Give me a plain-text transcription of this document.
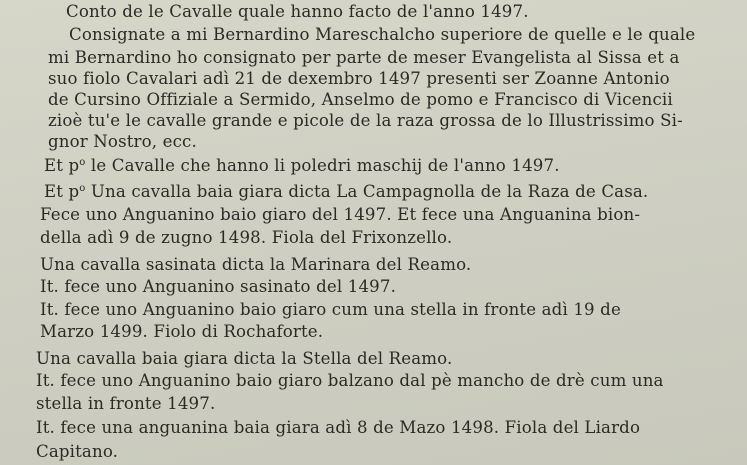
Conto de le Cavalle quale hanno facto de l'anno 1497.
Consignate a mi Bernardino Mareschalcho superiore de quelle e le quale
mi Bernardino ho consignato per parte de meser Evangelista al Sissa et a
suo fiolo Cavalari adì 21 de dexembro 1497 presenti ser Zoanne Antonio
de Cursino Offiziale a Sermido, Anselmo de pomo e Francisco di Vicencii
zioè tu'e le cavalle grande e picole de la raza grossa de lo Illustrissimo Si-
gnor Nostro, ecc.
Et $p^o$ le Cavalle che hanno li poledri maschij de l'anno 1497.
Et $p^o$ Una cavalla baia giara dicta La Campagnolla de la Raza de Casa.
Fece uno Anguanino baio giaro del 1497. Et fece una Anguanina bion-
della adì 9 de zugno 1498. Fiola del Frixonzello.
Una cavalla sasinata dicta la Marinara del Reamo.
It. fece uno Anguanino sasinato del 1497.
It. fece uno Anguanino baio giaro cum una stella in fronte adì 19 de
Marzo 1499. Fiolo di Rochaforte.
Una cavalla baia giara dicta la Stella del Reamo.
It. fece uno Anguanino baio giaro balzano dal pè mancho de drè cum una
stella in fronte 1497.
It. fece una anguanina baia giara adì 8 de Mazo 1498. Fiola del Liardo
Capitano.
